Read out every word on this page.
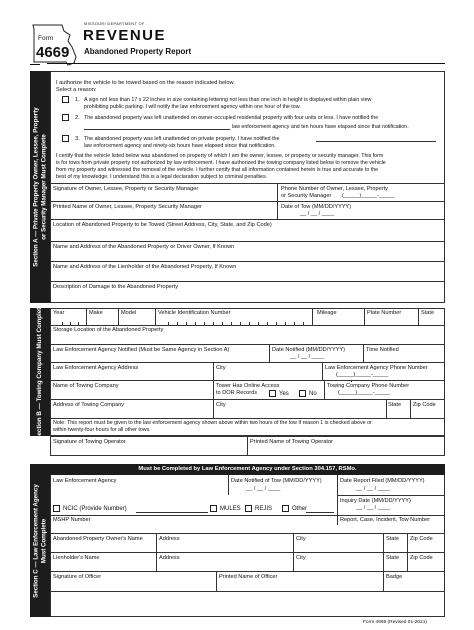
Form
4669
MISSOURI DEPARTMENT OF
REVENUE
Abandoned Property Report
Section A — Private Property Owner, Lessee, Property or Security Manager Must Complete
I authorize the vehicle to be towed based on the reason indicated below.
Select a reason:
1. A sign not less than 17 x 22 inches in size containing lettering not less than one inch in height is displayed within plain view
prohibiting public parking. I will notify the law enforcement agency within one hour of the tow.
2. The abandoned property was left unattended on owner-occupied residential property with four units or less. I have notified the
law enforcement agency and ten hours have elapsed since that notification.
3. The abandoned property was left unattended on private property. I have notified the
law enforcement agency and ninety-six hours have elapsed since that notification.
I certify that the vehicle listed below was abandoned on property of which I am the owner, lessee, or property or security manager. This form
is for tows from private property not authorized by law enforcement. I have authorized the towing company listed below to remove the vehicle
from my property and witnessed the removal of the vehicle. I further certify that all information contained herein is true and accurate to the
best of my knowledge. I understand this is a legal declaration subject to criminal penalties.
Signature of Owner, Lessee, Property or Security Manager	Phone Number of Owner, Lessee, Property
or Security Manager (_____)_____-_____
Printed Name of Owner, Lessee, Property Security Manager	Date of Tow (MM/DD/YYYY)
__ / __ / ____
Location of Abandoned Property to be Towed (Street Address, City, State, and Zip Code)
Name and Address of the Abandoned Property or Driver Owner, If Known
Name and Address of the Lienholder of the Abandoned Property, If Known
Description of Damage to the Abandoned Property
Section B — Towing Company Must Complete Year	Make	Model	Vehicle Identification Number	Mileage	Plate Number	State
Storage Location of the Abandoned Property
Law Enforcement Agency Notified (Must be Same Agency in Section A)	Date Notified (MM/DD/YYYY)
__ / __ / ____
Time Notified
Law Enforcement Agency Address	City	Law Enforcement Agency Phone Number
(_____)_____-_____
Name of Towing Company	Tower Has Online Access
to DOR Records	Yes	No
Towing Company Phone Number
(_____)_____-_____
Address of Towing Company	City	State Zip Code
Note: This report must be given to the law enforcement agency shown above within two hours of the tow if reason 1 is checked above or
within twenty-four hours for all other tows.
Signature of Towing Operator	Printed Name of Towing Operator
Section C — Law Enforcement Agency Must Complete
Must be Completed by Law Enforcement Agency under Section 304.157, RSMo.
Law Enforcement Agency	Date Notified of Tow (MM/DD/YYYY)
__ / __ / ____
Date Report Filed (MM/DD/YYYY)
__ / __ / ____
Inquiry Date (MM/DD/YYYY)
__ / __ / ____
NCIC (Provide Number)	MULES REJIS	Other
MSHP Number	Report, Case, Incident, Tow Number
Abandoned Property Owner's Name	Address	City	State Zip Code
Lienholder's Name	Address	City	State Zip Code
Signature of Officer	Printed Name of Officer	Badge
Form 4669 (Revised 01-2021)
